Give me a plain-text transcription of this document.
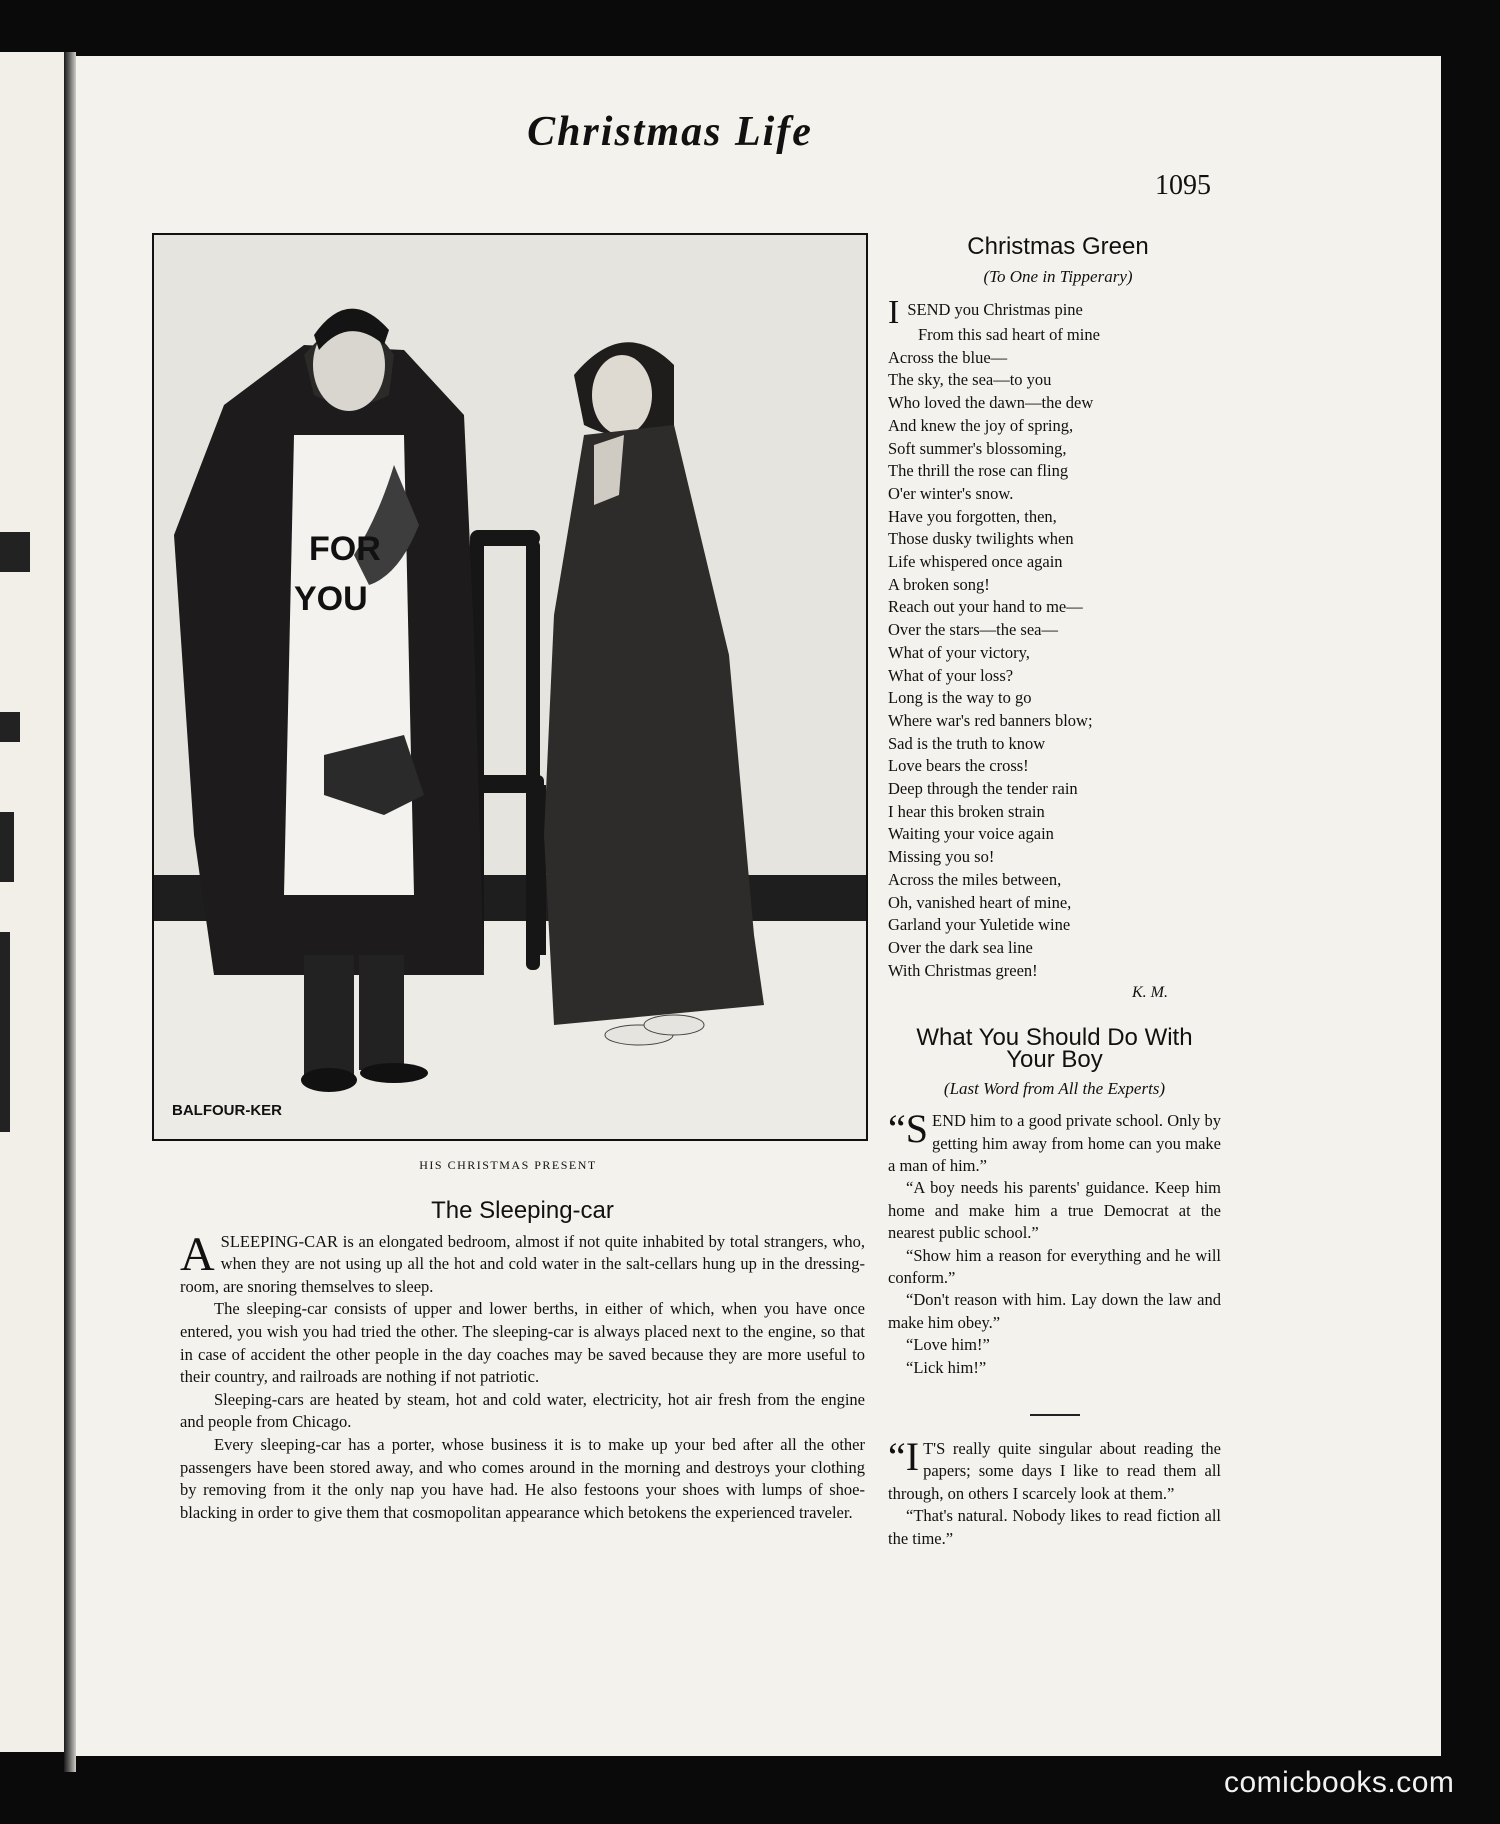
Christmas Life
1095
FOR
YOU
BALFOUR-KER
HIS CHRISTMAS PRESENT
Christmas Green
(To One in Tipperary)
ISEND you Christmas pine
From this sad heart of mine
Across the blue—
The sky, the sea—to you
Who loved the dawn—the dew
And knew the joy of spring,
Soft summer's blossoming,
The thrill the rose can fling
O'er winter's snow.
Have you forgotten, then,
Those dusky twilights when
Life whispered once again
A broken song!
Reach out your hand to me—
Over the stars—the sea—
What of your victory,
What of your loss?
Long is the way to go
Where war's red banners blow;
Sad is the truth to know
Love bears the cross!
Deep through the tender rain
I hear this broken strain
Waiting your voice again
Missing you so!
Across the miles between,
Oh, vanished heart of mine,
Garland your Yuletide wine
Over the dark sea line
With Christmas green!
K. M.
What You Should Do With
Your Boy
(Last Word from All the Experts)

“SEND him to a good private school. Only by getting him away from home can you make a man of him.”

“A boy needs his parents' guidance. Keep him home and make him a true Democrat at the nearest public school.”

“Show him a reason for everything and he will conform.”

“Don't reason with him. Lay down the law and make him obey.”

“Love him!”

“Lick him!”

“I T'S really quite singular about reading the papers; some days I like to read them all through, on others I scarcely look at them.”

“That's natural. Nobody likes to read fiction all the time.”

The Sleeping-car

ASLEEPING-CAR is an elongated bedroom, almost if not quite inhabited by total strangers, who, when they are not using up all the hot and cold water in the salt-cellars hung up in the dressing-room, are snoring themselves to sleep.

The sleeping-car consists of upper and lower berths, in either of which, when you have once entered, you wish you had tried the other. The sleeping-car is always placed next to the engine, so that in case of accident the other people in the day coaches may be saved because they are more useful to their country, and railroads are nothing if not patriotic.

Sleeping-cars are heated by steam, hot and cold water, electricity, hot air fresh from the engine and people from Chicago.

Every sleeping-car has a porter, whose business it is to make up your bed after all the other passengers have been stored away, and who comes around in the morning and destroys your clothing by removing from it the only nap you have had. He also festoons your shoes with lumps of shoe-blacking in order to give them that cosmopolitan appearance which betokens the experienced traveler.

comicbooks.com
